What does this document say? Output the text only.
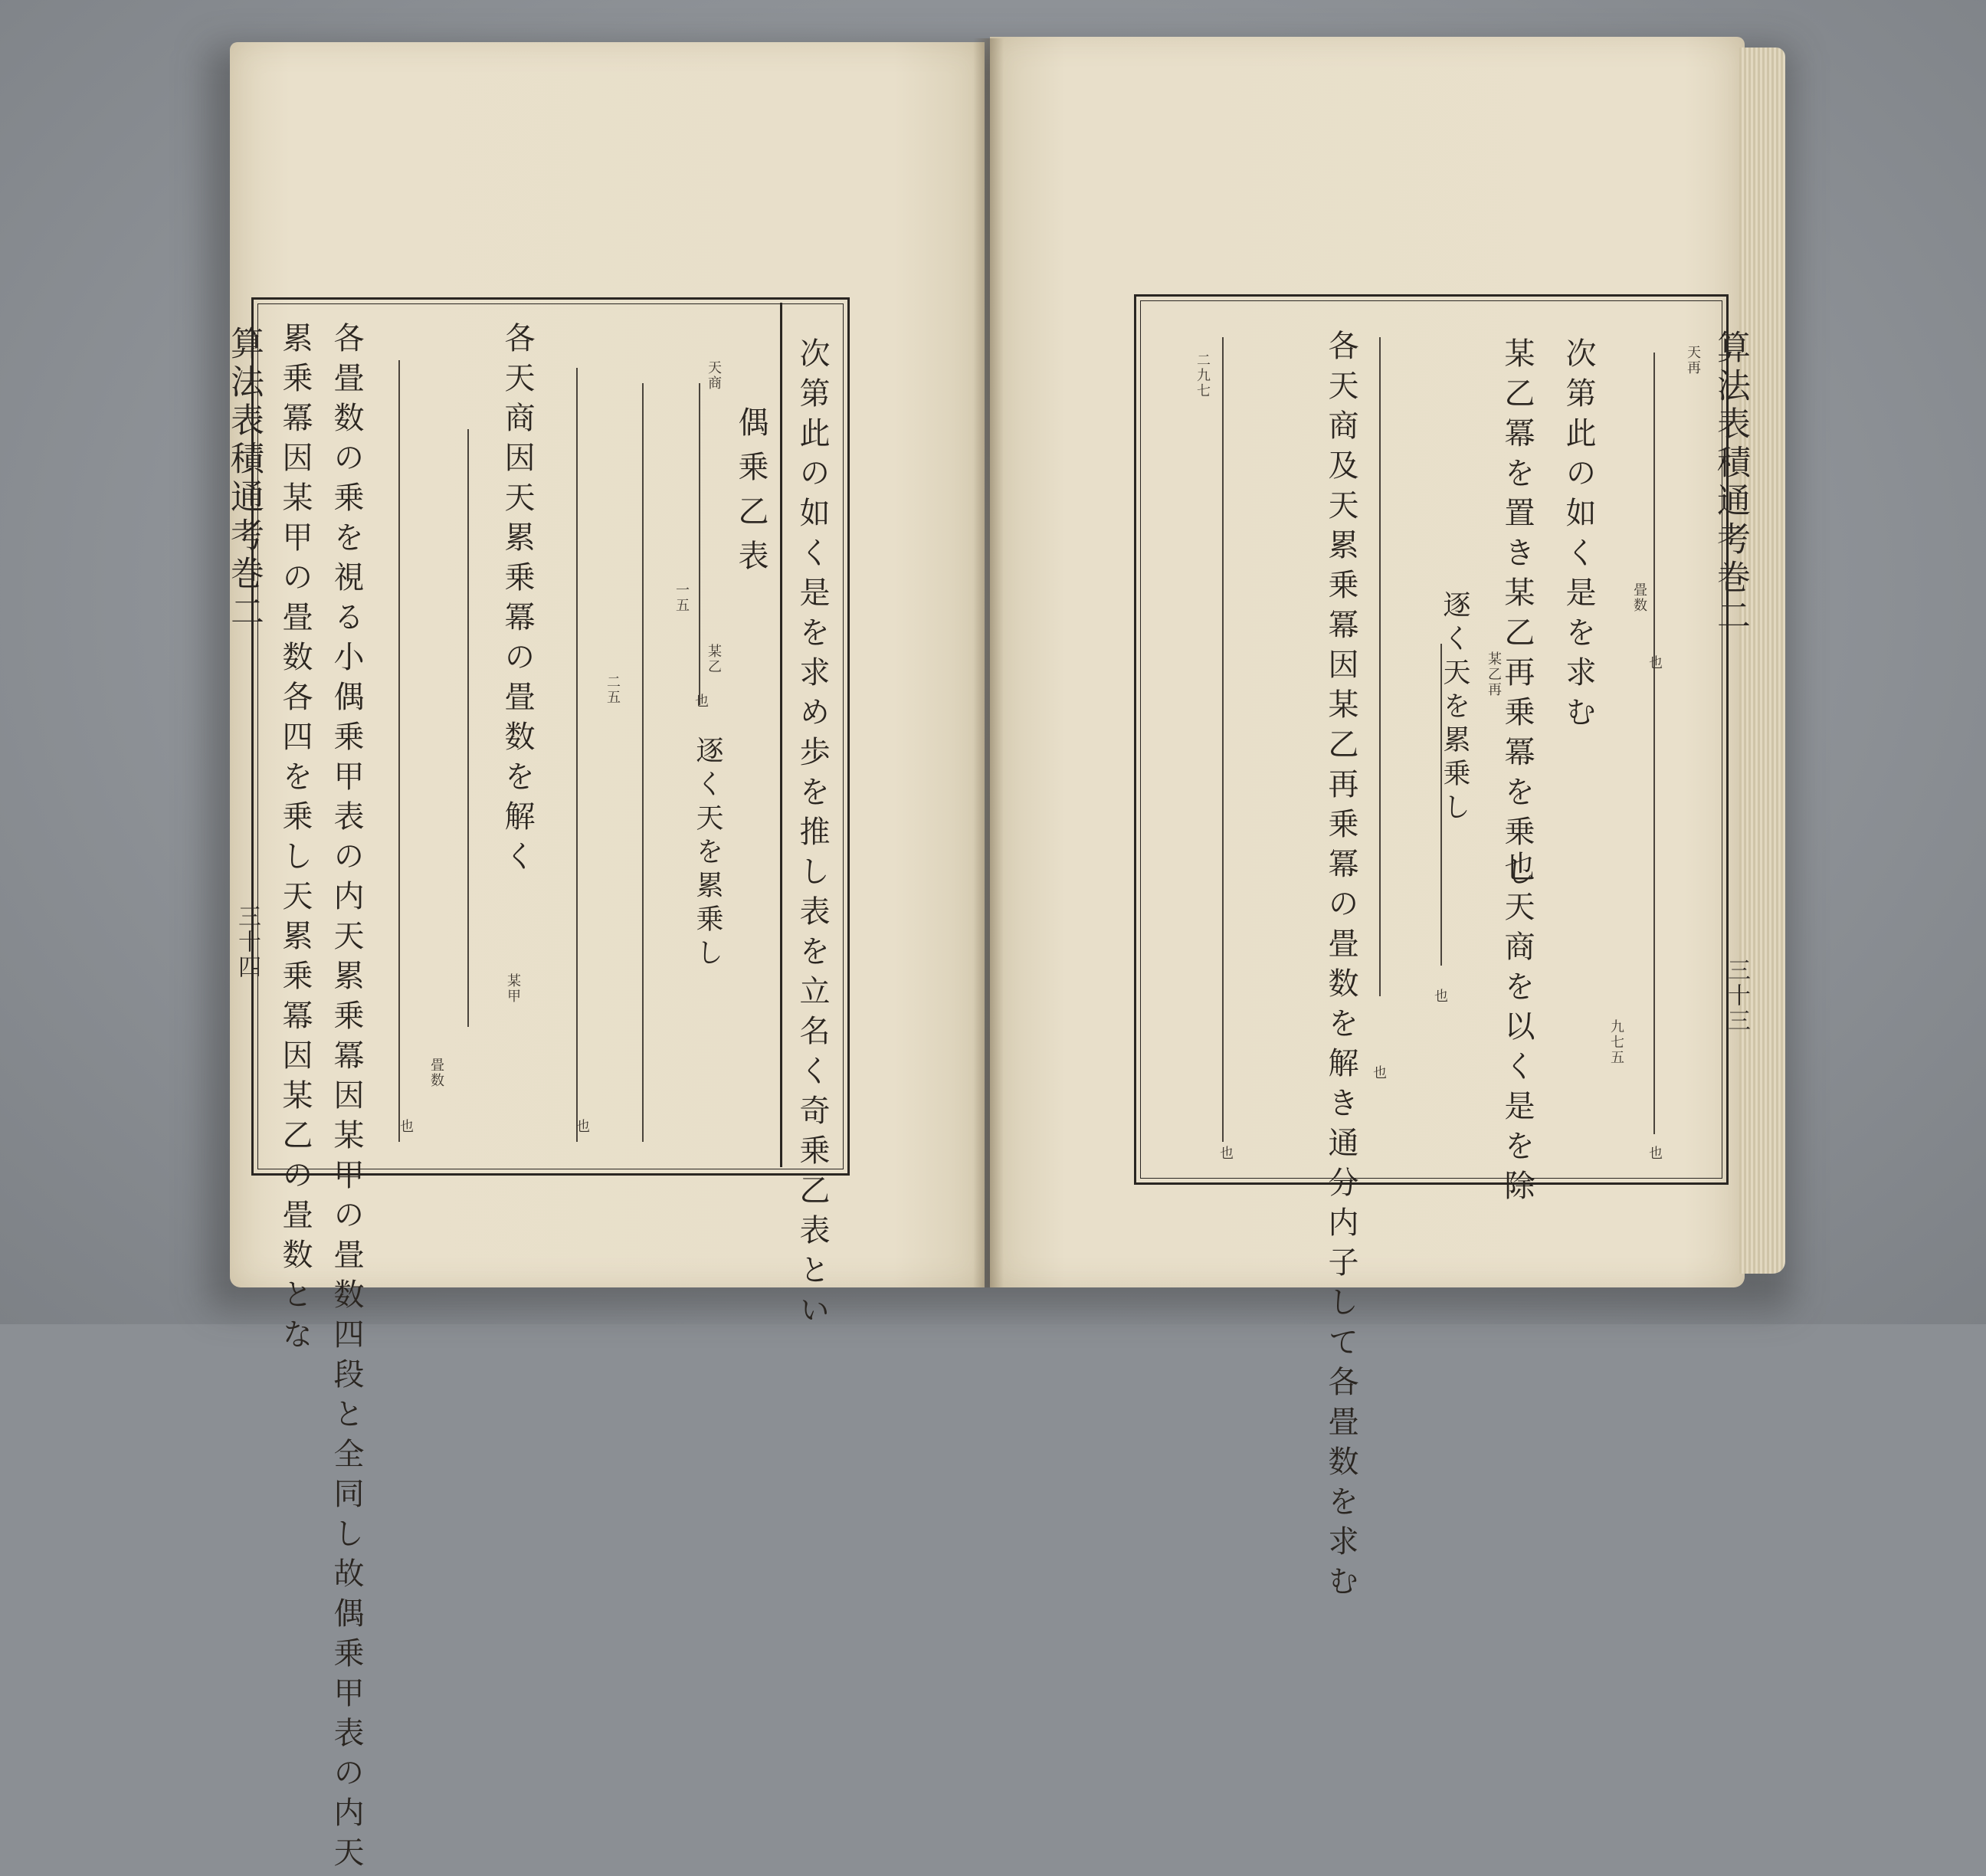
算法表積通考巻二
三十四	次第此の如く是を求め歩を推し表を立名く奇乗乙表とい
偶乗乙表
各天商因天累乗冪の畳数を解く
各畳数の乗を視る小偶乗甲表の内天累乗冪因某甲の畳数四段と全同し故偶乗甲表の内天
累乗冪因某甲の畳数各四を乗し天累乗冪因某乙の畳数とな	天商
某乙
一五
二五	也
逐く天を累乗し
也
也
畳数
某甲
算法表積通考巻二
三十三
次第此の如く是を求む
某乙冪を置き某乙再乗冪を乗し
也天商を以く是を除
各天商及天累乗冪因某乙再乗冪の畳数を解き通分内子して各畳数を求む	天再
畳数
也
也
某乙再
逐く天を累乗し
也
也
也
二九七
九七五
